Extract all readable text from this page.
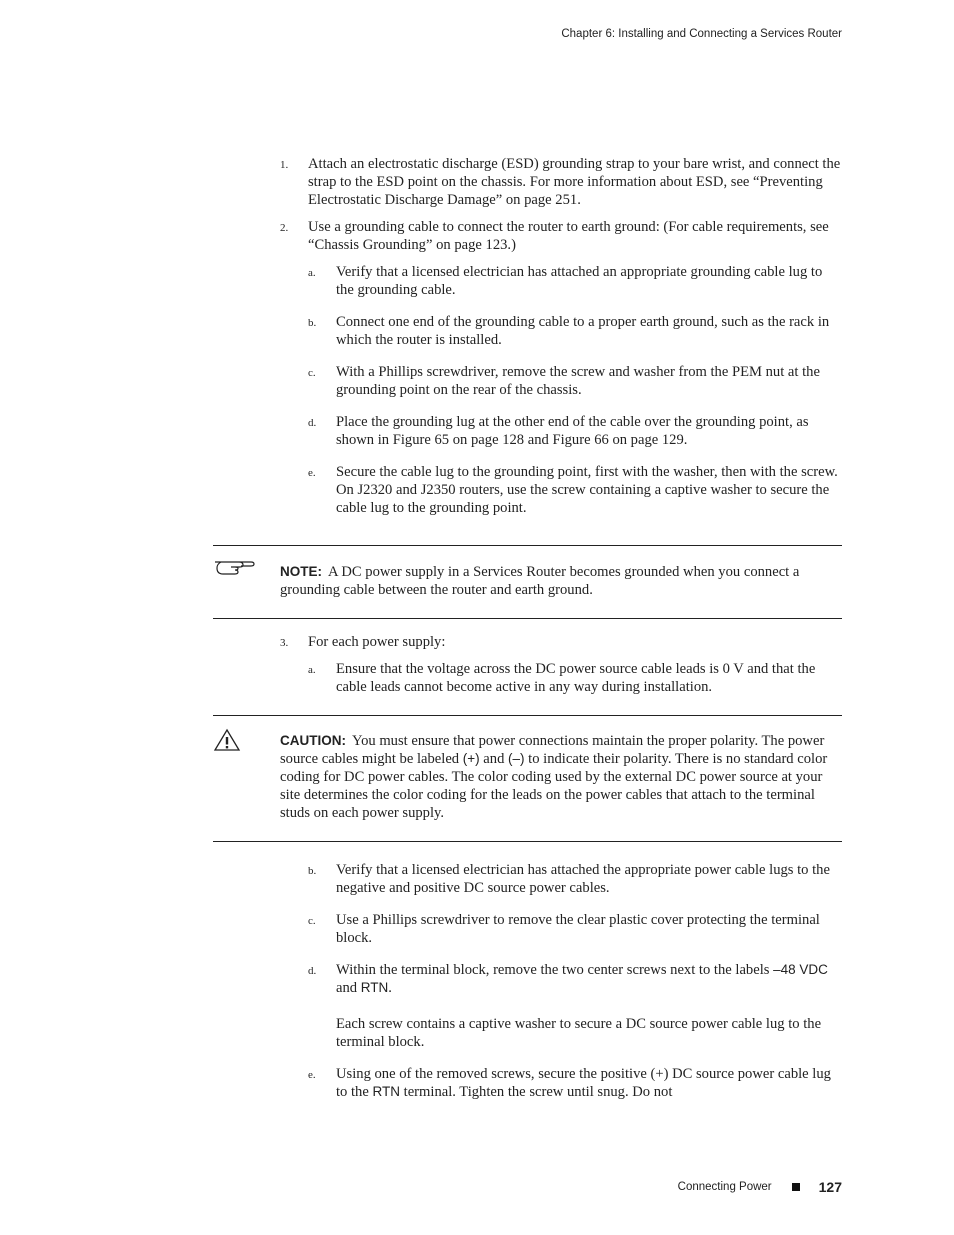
Chapter 6: Installing and Connecting a Services Router
1. Attach an electrostatic discharge (ESD) grounding strap to your bare wrist, and connect the strap to the ESD point on the chassis. For more information about ESD, see “Preventing Electrostatic Discharge Damage” on page 251.
2. Use a grounding cable to connect the router to earth ground: (For cable requirements, see “Chassis Grounding” on page 123.)
a. Verify that a licensed electrician has attached an appropriate grounding cable lug to the grounding cable.

b. Connect one end of the grounding cable to a proper earth ground, such as the rack in which the router is installed.

c. With a Phillips screwdriver, remove the screw and washer from the PEM nut at the grounding point on the rear of the chassis.

d. Place the grounding lug at the other end of the cable over the grounding point, as shown in Figure 65 on page 128 and Figure 66 on page 129.

e. Secure the cable lug to the grounding point, first with the washer, then with the screw. On J2320 and J2350 routers, use the screw containing a captive washer to secure the cable lug to the grounding point.

NOTE: A DC power supply in a Services Router becomes grounded when you connect a grounding cable between the router and earth ground.
3. For each power supply:
a. Ensure that the voltage across the DC power source cable leads is 0 V and that the cable leads cannot become active in any way during installation.

CAUTION: You must ensure that power connections maintain the proper polarity. The power source cables might be labeled (+) and (–) to indicate their polarity. There is no standard color coding for DC power cables. The color coding used by the external DC power source at your site determines the color coding for the leads on the power cables that attach to the terminal studs on each power supply.
b. Verify that a licensed electrician has attached the appropriate power cable lugs to the negative and positive DC source power cables.

c. Use a Phillips screwdriver to remove the clear plastic cover protecting the terminal block.

d. Within the terminal block, remove the two center screws next to the labels –48 VDC and RTN.

Each screw contains a captive washer to secure a DC source power cable lug to the terminal block.

e. Using one of the removed screws, secure the positive (+) DC source power cable lug to the RTN terminal. Tighten the screw until snug. Do not

Connecting Power	127
